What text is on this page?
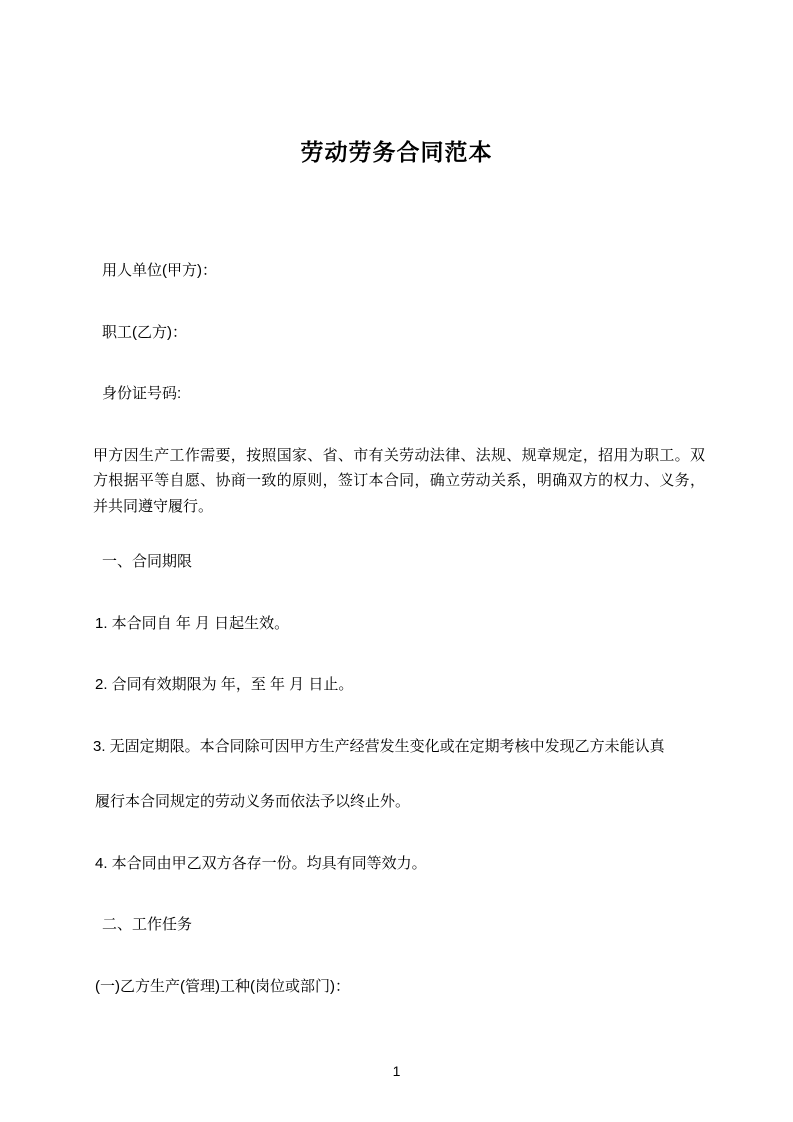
劳动劳务合同范本

用人单位(甲方)：

职工(乙方)：

身份证号码:

甲方因生产工作需要，按照国家、省、市有关劳动法律、法规、规章规定，招用为职工。双方根据平等自愿、协商一致的原则，签订本合同，确立劳动关系，明确双方的权力、义务，并共同遵守履行。

一、合同期限

1. 本合同自 年 月 日起生效。

2. 合同有效期限为 年，至 年 月 日止。

3. 无固定期限。本合同除可因甲方生产经营发生变化或在定期考核中发现乙方未能认真

履行本合同规定的劳动义务而依法予以终止外。

4. 本合同由甲乙双方各存一份。均具有同等效力。

二、工作任务

(一)乙方生产(管理)工种(岗位或部门)：

1
